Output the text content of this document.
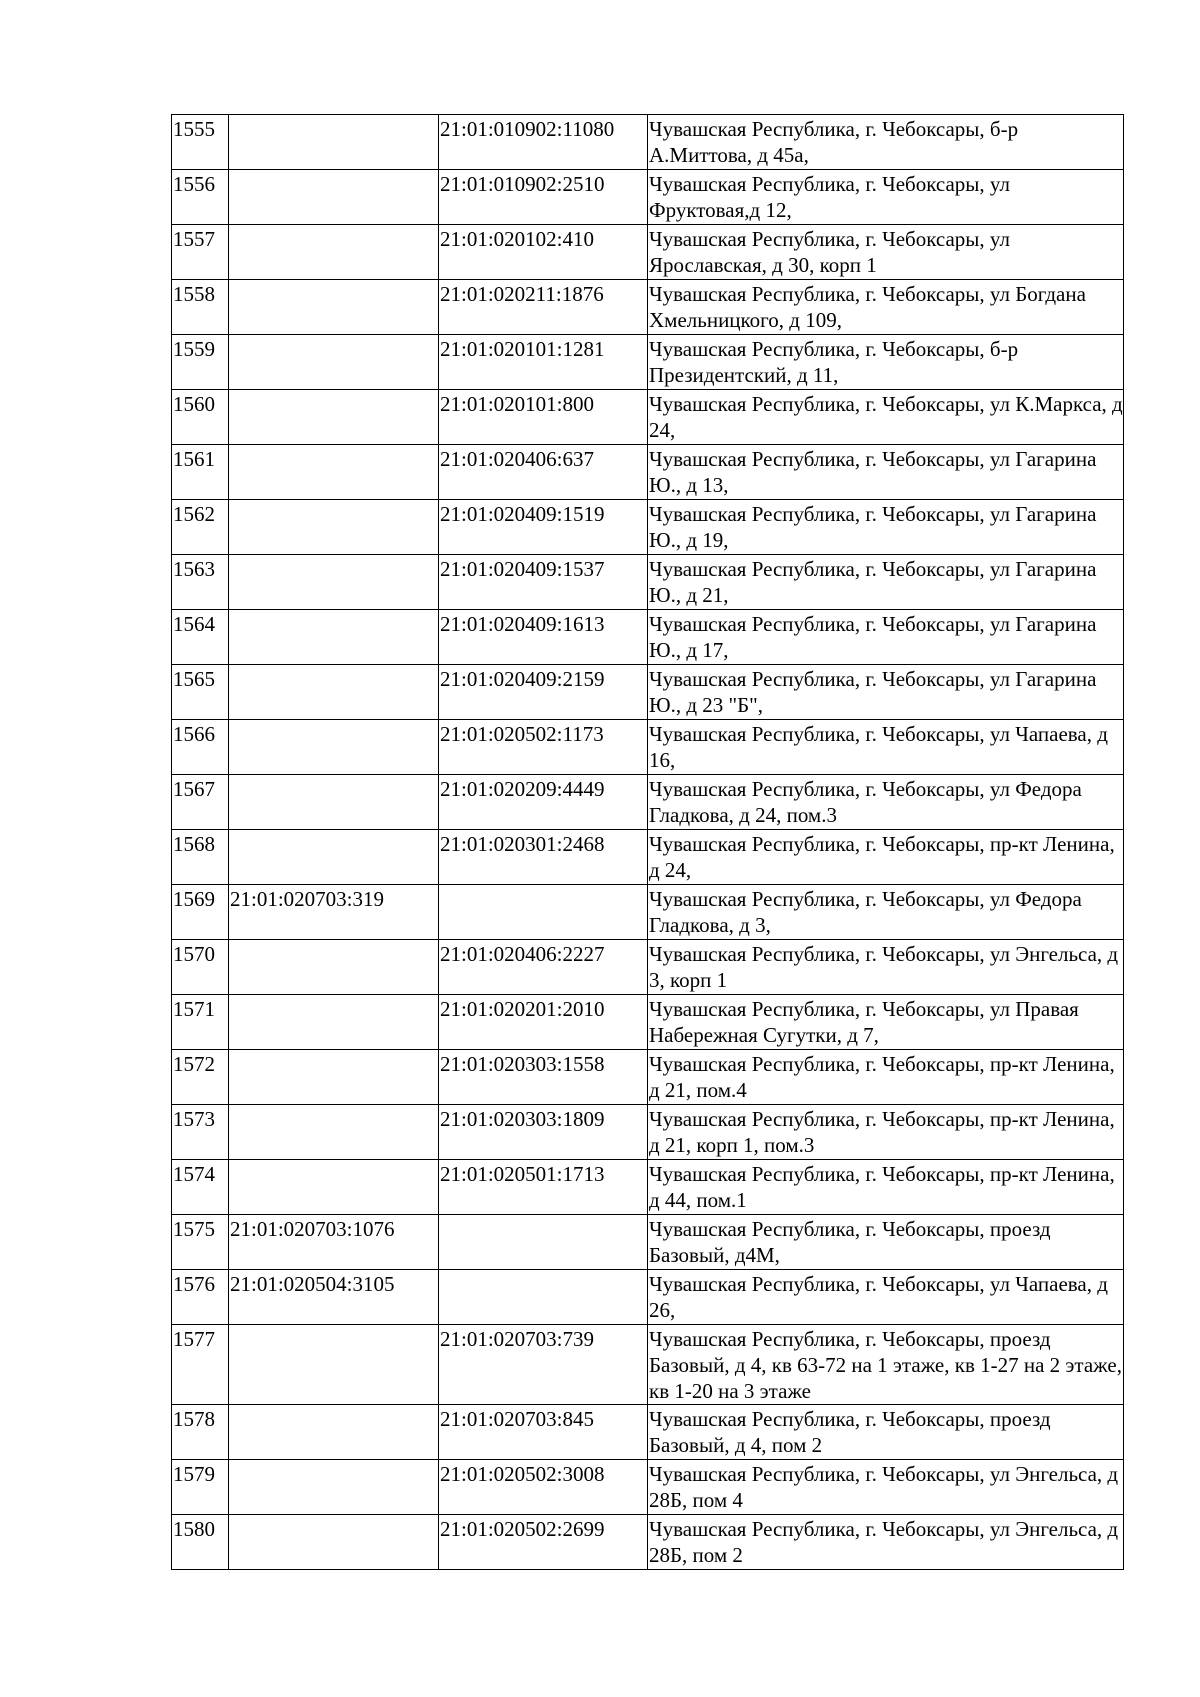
1555		21:01:010902:11080	Чувашская Республика, г. Чебоксары, б-р А.Миттова, д 45а,
1556		21:01:010902:2510	Чувашская Республика, г. Чебоксары, ул Фруктовая,д 12,
1557		21:01:020102:410	Чувашская Республика, г. Чебоксары, ул Ярославская, д 30, корп 1
1558		21:01:020211:1876	Чувашская Республика, г. Чебоксары, ул Богдана Хмельницкого, д 109,
1559		21:01:020101:1281	Чувашская Республика, г. Чебоксары, б-р Президентский, д 11,
1560		21:01:020101:800	Чувашская Республика, г. Чебоксары, ул К.Маркса, д 24,
1561		21:01:020406:637	Чувашская Республика, г. Чебоксары, ул Гагарина Ю., д 13,
1562		21:01:020409:1519	Чувашская Республика, г. Чебоксары, ул Гагарина Ю., д 19,
1563		21:01:020409:1537	Чувашская Республика, г. Чебоксары, ул Гагарина Ю., д 21,
1564		21:01:020409:1613	Чувашская Республика, г. Чебоксары, ул Гагарина Ю., д 17,
1565		21:01:020409:2159	Чувашская Республика, г. Чебоксары, ул Гагарина Ю., д 23 "Б",
1566		21:01:020502:1173	Чувашская Республика, г. Чебоксары, ул Чапаева, д 16,
1567		21:01:020209:4449	Чувашская Республика, г. Чебоксары, ул Федора Гладкова, д 24, пом.3
1568		21:01:020301:2468	Чувашская Республика, г. Чебоксары, пр-кт Ленина, д 24,
1569	21:01:020703:319		Чувашская Республика, г. Чебоксары, ул Федора Гладкова, д 3,
1570		21:01:020406:2227	Чувашская Республика, г. Чебоксары, ул Энгельса, д 3, корп 1
1571		21:01:020201:2010	Чувашская Республика, г. Чебоксары, ул Правая Набережная Сугутки, д 7,
1572		21:01:020303:1558	Чувашская Республика, г. Чебоксары, пр-кт Ленина, д 21, пом.4
1573		21:01:020303:1809	Чувашская Республика, г. Чебоксары, пр-кт Ленина, д 21, корп 1, пом.3
1574		21:01:020501:1713	Чувашская Республика, г. Чебоксары, пр-кт Ленина, д 44, пом.1
1575	21:01:020703:1076		Чувашская Республика, г. Чебоксары, проезд Базовый, д4М,
1576	21:01:020504:3105		Чувашская Республика, г. Чебоксары, ул Чапаева, д 26,
1577		21:01:020703:739	Чувашская Республика, г. Чебоксары, проезд Базовый, д 4, кв 63-72 на 1 этаже, кв 1-27 на 2 этаже, кв 1-20 на 3 этаже
1578		21:01:020703:845	Чувашская Республика, г. Чебоксары, проезд Базовый, д 4, пом 2
1579		21:01:020502:3008	Чувашская Республика, г. Чебоксары, ул Энгельса, д 28Б, пом 4
1580		21:01:020502:2699	Чувашская Республика, г. Чебоксары, ул Энгельса, д 28Б, пом 2
